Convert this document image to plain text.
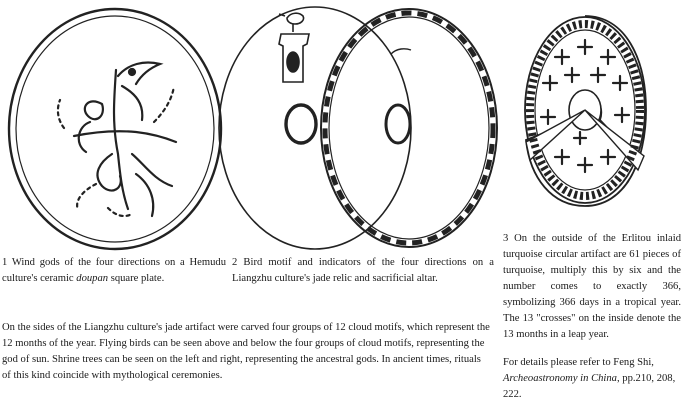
1 Wind gods of the four directions on a Hemudu culture's ceramic doupan square plate.
2 Bird motif and indicators of the four directions on a Liangzhu culture's jade relic and sacrificial altar.
3 On the outside of the Erlitou inlaid turquoise circular artifact are 61 pieces of turquoise, multiply this by six and the number comes to exactly 366, symbolizing 366 days in a tropical year. The 13 "crosses" on the inside denote the 13 months in a leap year.
On the sides of the Liangzhu culture's jade artifact were carved four groups of 12 cloud motifs, which represent the 12 months of the year. Flying birds can be seen above and below the four groups of cloud motifs, representing the god of sun. Shrine trees can be seen on the left and right, representing the ancestral gods. In ancient times, rituals of this kind coincide with mythological ceremonies.
For details please refer to Feng Shi, Archeoastronomy in China, pp.210, 208, 222.
